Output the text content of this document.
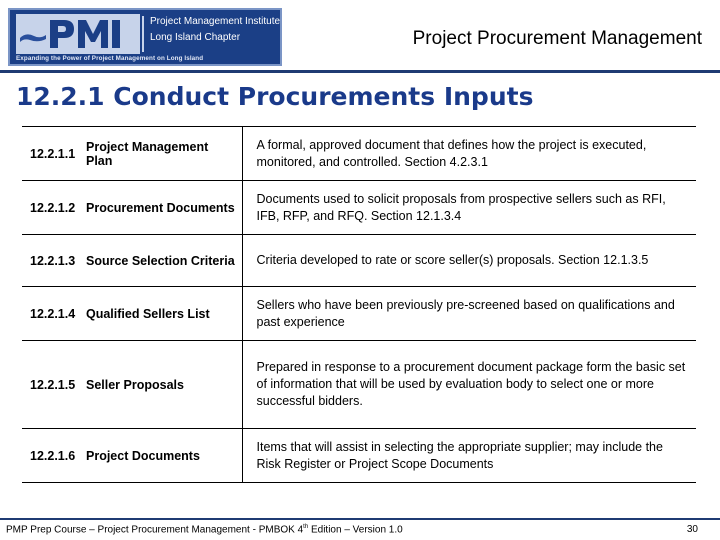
Project Management Institute
Long Island Chapter
Expanding the Power of Project Management on Long Island
Project Procurement Management
12.2.1 Conduct Procurements Inputs
12.2.1.1	Project Management Plan	A formal, approved document that defines how the project is executed, monitored, and controlled. Section 4.2.3.1
12.2.1.2	Procurement Documents	Documents used to solicit proposals from prospective sellers such as RFI, IFB, RFP, and RFQ. Section 12.1.3.4
12.2.1.3	Source Selection Criteria	Criteria developed to rate or score seller(s) proposals. Section 12.1.3.5
12.2.1.4	Qualified Sellers List	Sellers who have been previously pre-screened based on qualifications and past experience
12.2.1.5	Seller Proposals	Prepared in response to a procurement document package form the basic set of information that will be used by evaluation body to select one or more successful bidders.
12.2.1.6	Project Documents	Items that will assist in selecting the appropriate supplier; may include the Risk Register or Project Scope Documents
PMP Prep Course – Project Procurement Management - PMBOK 4th Edition – Version 1.0	30
